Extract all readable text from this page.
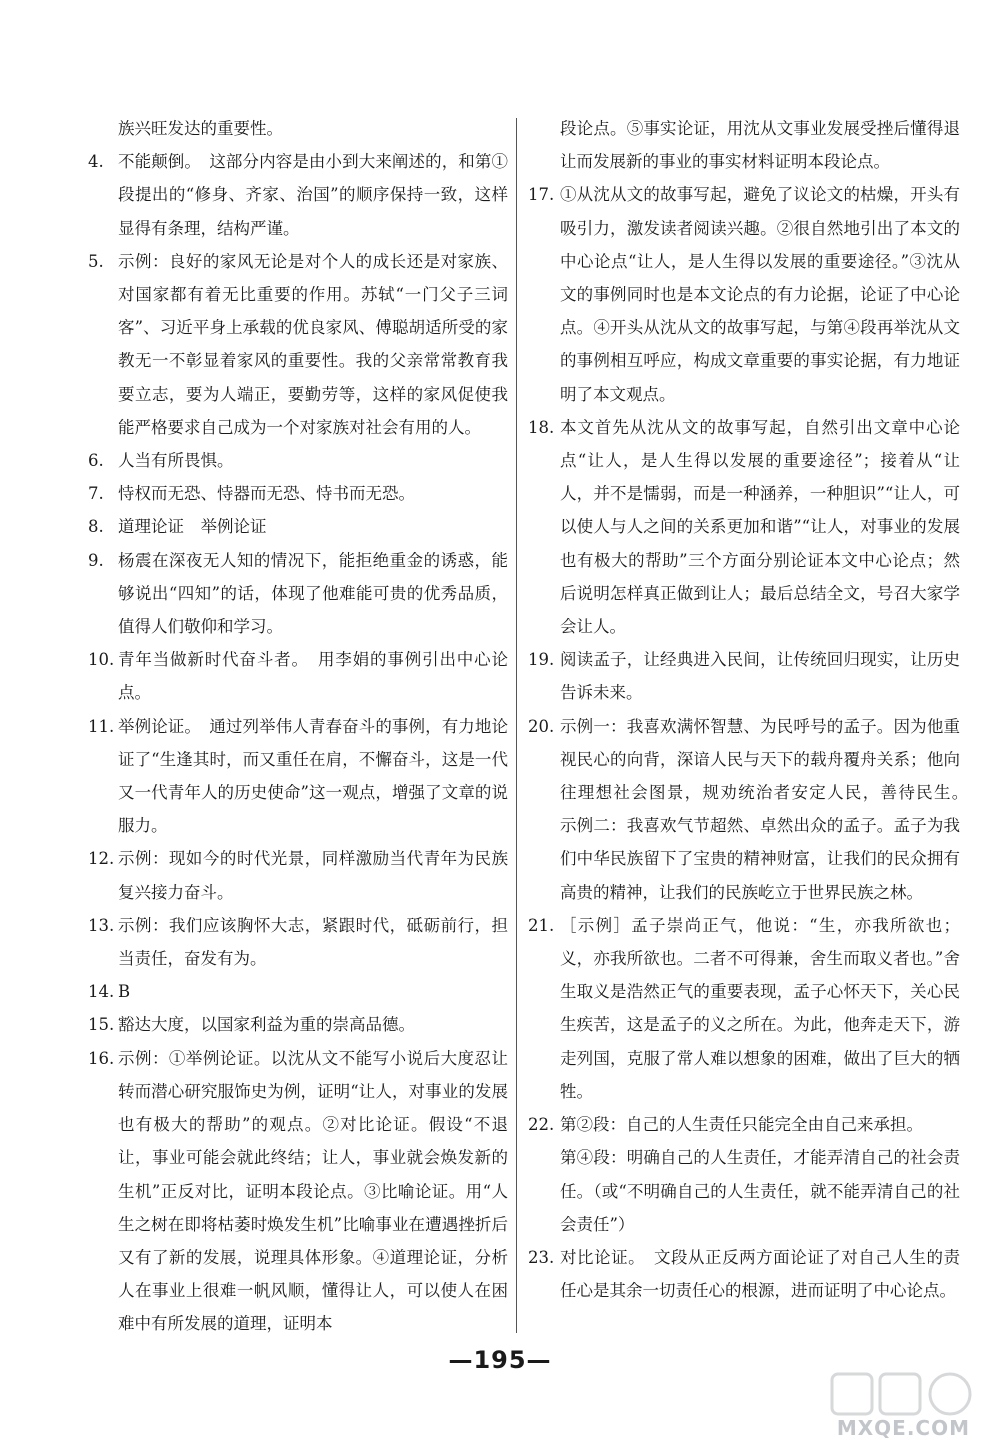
族兴旺发达的重要性。
4. 不能颠倒。　这部分内容是由小到大来阐述的，和第①段提出的“修身、齐家、治国”的顺序保持一致，这样显得有条理，结构严谨。
5. 示例：良好的家风无论是对个人的成长还是对家族、对国家都有着无比重要的作用。苏轼“一门父子三词客”、习近平身上承载的优良家风、傅聪胡适所受的家教无一不彰显着家风的重要性。我的父亲常常教育我要立志，要为人端正，要勤劳等，这样的家风促使我能严格要求自己成为一个对家族对社会有用的人。
6. 人当有所畏惧。
7. 恃权而无恐、恃器而无恐、恃书而无恐。
8. 道理论证　举例论证
9. 杨震在深夜无人知的情况下，能拒绝重金的诱惑，能够说出“四知”的话，体现了他难能可贵的优秀品质，值得人们敬仰和学习。
10. 青年当做新时代奋斗者。　用李娟的事例引出中心论点。
11. 举例论证。　通过列举伟人青春奋斗的事例，有力地论证了“生逢其时，而又重任在肩，不懈奋斗，这是一代又一代青年人的历史使命”这一观点，增强了文章的说服力。
12. 示例：现如今的时代光景，同样激励当代青年为民族复兴接力奋斗。
13. 示例：我们应该胸怀大志，紧跟时代，砥砺前行，担当责任，奋发有为。
14. B
15. 豁达大度，以国家利益为重的崇高品德。
16. 示例：①举例论证。以沈从文不能写小说后大度忍让转而潜心研究服饰史为例，证明“让人，对事业的发展也有极大的帮助”的观点。②对比论证。假设“不退让，事业可能会就此终结；让人，事业就会焕发新的生机”正反对比，证明本段论点。③比喻论证。用“人生之树在即将枯萎时焕发生机”比喻事业在遭遇挫折后又有了新的发展，说理具体形象。④道理论证，分析人在事业上很难一帆风顺，懂得让人，可以使人在困难中有所发展的道理，证明本
段论点。⑤事实论证，用沈从文事业发展受挫后懂得退让而发展新的事业的事实材料证明本段论点。
17. ①从沈从文的故事写起，避免了议论文的枯燥，开头有吸引力，激发读者阅读兴趣。②很自然地引出了本文的中心论点“让人，是人生得以发展的重要途径。”③沈从文的事例同时也是本文论点的有力论据，论证了中心论点。④开头从沈从文的故事写起，与第④段再举沈从文的事例相互呼应，构成文章重要的事实论据，有力地证明了本文观点。
18. 本文首先从沈从文的故事写起，自然引出文章中心论点“让人，是人生得以发展的重要途径”；接着从“让人，并不是懦弱，而是一种涵养，一种胆识”“让人，可以使人与人之间的关系更加和谐”“让人，对事业的发展也有极大的帮助”三个方面分别论证本文中心论点；然后说明怎样真正做到让人；最后总结全文，号召大家学会让人。
19. 阅读孟子，让经典进入民间，让传统回归现实，让历史告诉未来。
20. 示例一：我喜欢满怀智慧、为民呼号的孟子。因为他重视民心的向背，深谙人民与天下的载舟覆舟关系；他向往理想社会图景，规劝统治者安定人民，善待民生。　示例二：我喜欢气节超然、卓然出众的孟子。孟子为我们中华民族留下了宝贵的精神财富，让我们的民众拥有高贵的精神，让我们的民族屹立于世界民族之林。
21. ［示例］孟子崇尚正气，他说：“生，亦我所欲也；义，亦我所欲也。二者不可得兼，舍生而取义者也。”舍生取义是浩然正气的重要表现，孟子心怀天下，关心民生疾苦，这是孟子的义之所在。为此，他奔走天下，游走列国，克服了常人难以想象的困难，做出了巨大的牺牲。
22. 第②段：自己的人生责任只能完全由自己来承担。
第④段：明确自己的人生责任，才能弄清自己的社会责任。（或“不明确自己的人生责任，就不能弄清自己的社会责任”）
23. 对比论证。　文段从正反两方面论证了对自己人生的责任心是其余一切责任心的根源，进而证明了中心论点。
—195—
MXQE.COM
